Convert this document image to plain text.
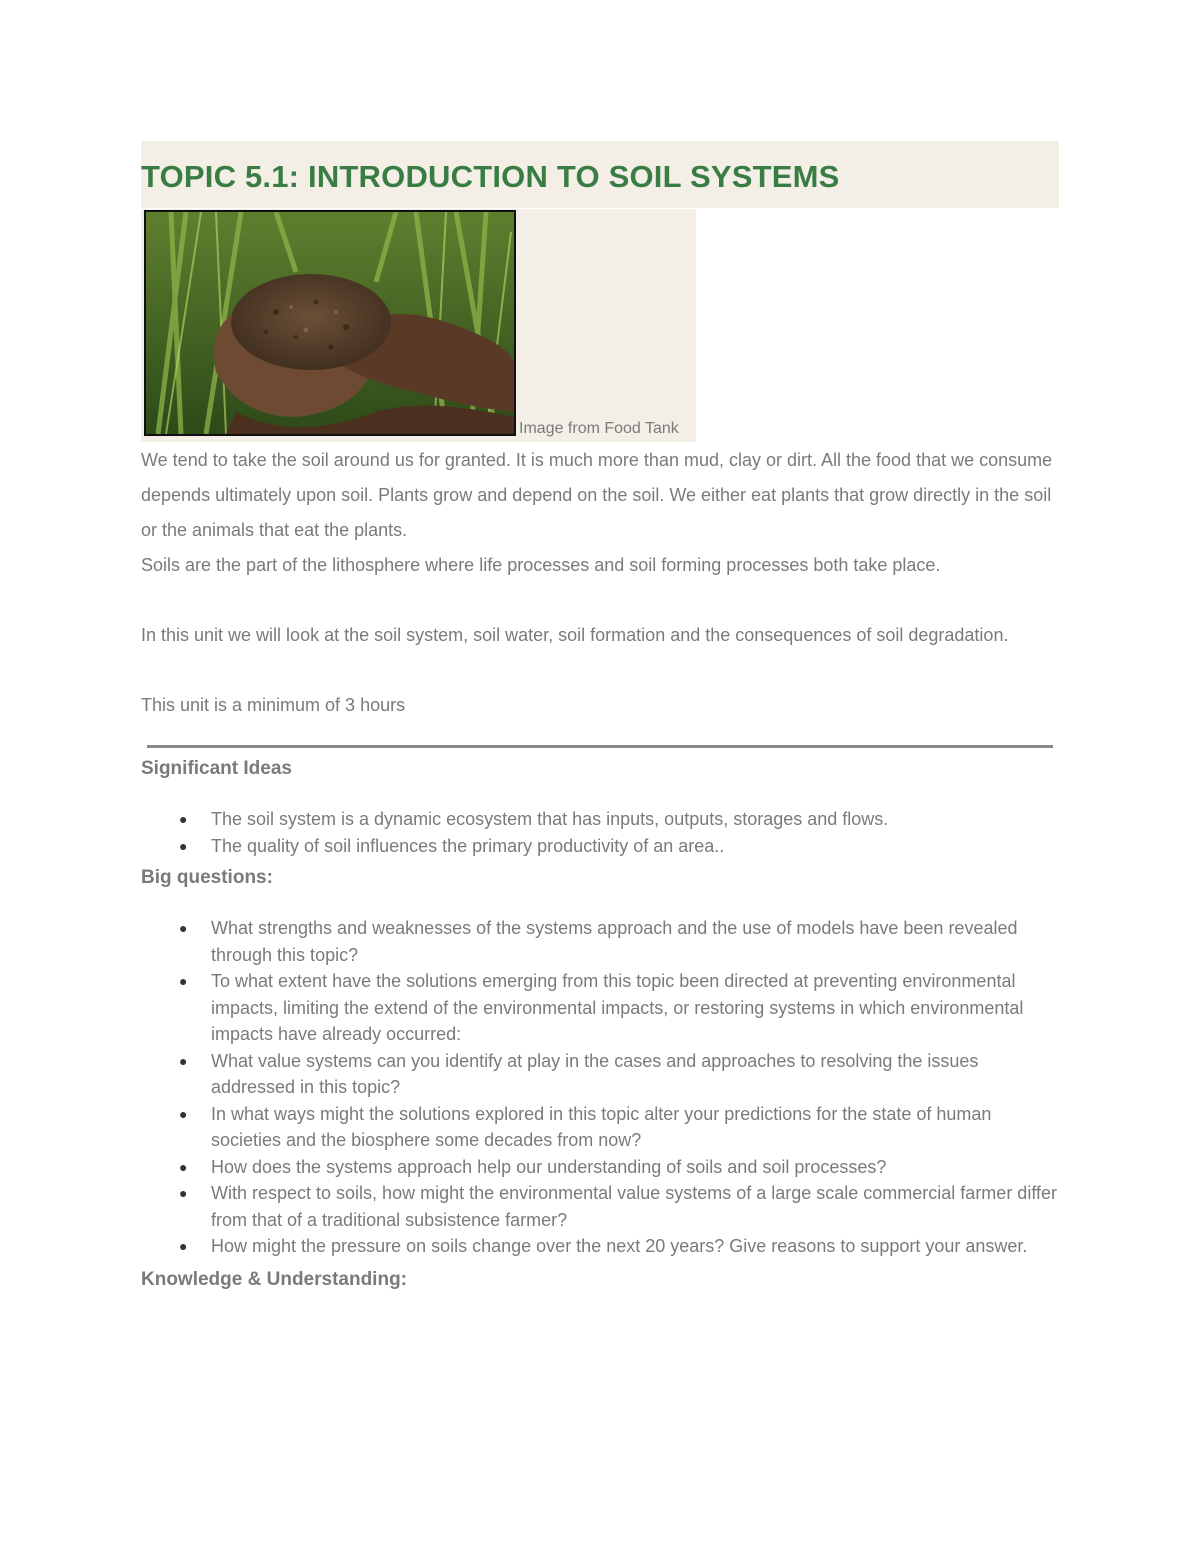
TOPIC 5.1: INTRODUCTION TO SOIL SYSTEMS
Image from Food Tank

We tend to take the soil around us for granted. It is much more than mud, clay or dirt. All the food that we consume depends ultimately upon soil. Plants grow and depend on the soil. We either eat plants that grow directly in the soil or the animals that eat the plants.

Soils are the part of the lithosphere where life processes and soil forming processes both take place.

In this unit we will look at the soil system, soil water, soil formation and the consequences of soil degradation.

This unit is a minimum of 3 hours

Significant Ideas
● The soil system is a dynamic ecosystem that has inputs, outputs, storages and flows.
● The quality of soil influences the primary productivity of an area..
Big questions:
● What strengths and weaknesses of the systems approach and the use of models have been revealed through this topic?
● To what extent have the solutions emerging from this topic been directed at preventing environmental impacts, limiting the extend of the environmental impacts, or restoring systems in which environmental impacts have already occurred:
● What value systems can you identify at play in the cases and approaches to resolving the issues addressed in this topic?
● In what ways might the solutions explored in this topic alter your predictions for the state of human societies and the biosphere some decades from now?
● How does the systems approach help our understanding of soils and soil processes?
● With respect to soils, how might the environmental value systems of a large scale commercial farmer differ from that of a traditional subsistence farmer?
● How might the pressure on soils change over the next 20 years? Give reasons to support your answer.
Knowledge & Understanding:
